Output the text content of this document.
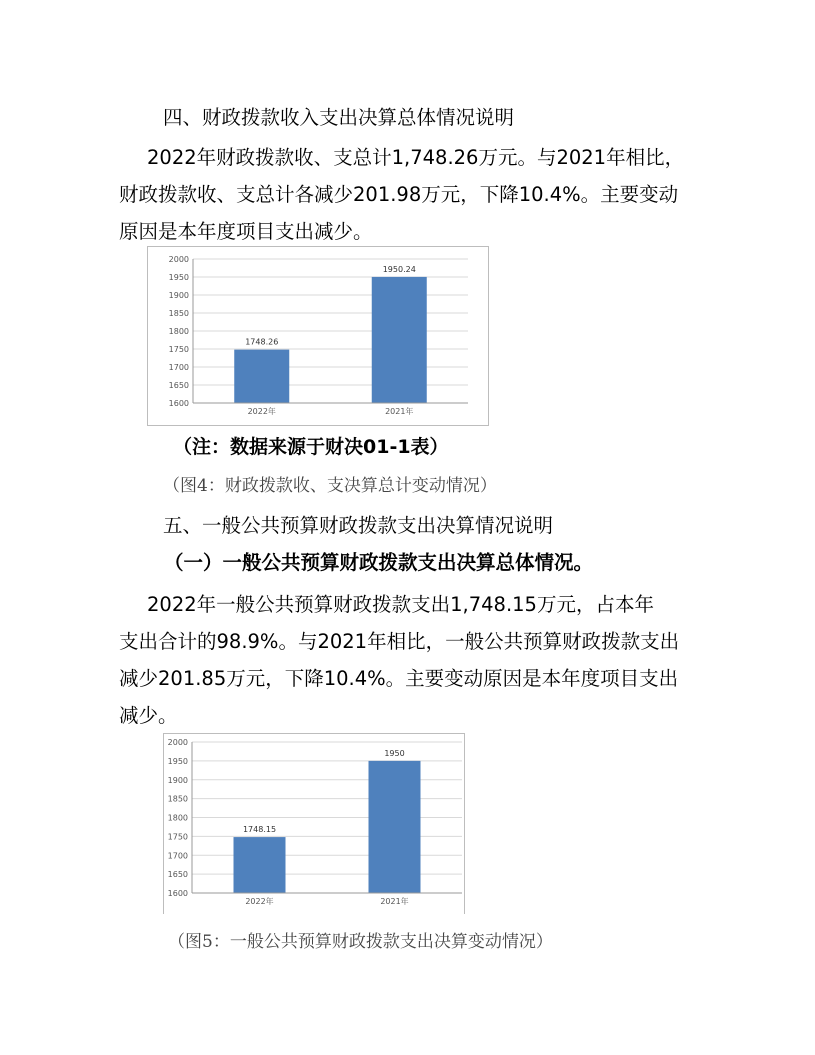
四、财政拨款收入支出决算总体情况说明
2022年财政拨款收、支总计1,748.26万元。与2021年相比，
财政拨款收、支总计各减少201.98万元，下降10.4%。主要变动
原因是本年度项目支出减少。
1600
1650
1700
1750
1800
1850
1900
1950
2000
1748.26
2022年
1950.24
2021年
（注：数据来源于财决01-1表）
（图4：财政拨款收、支决算总计变动情况）
五、一般公共预算财政拨款支出决算情况说明
（一）一般公共预算财政拨款支出决算总体情况。
2022年一般公共预算财政拨款支出1,748.15万元，占本年
支出合计的98.9%。与2021年相比，一般公共预算财政拨款支出
减少201.85万元，下降10.4%。主要变动原因是本年度项目支出
减少。
1600
1650
1700
1750
1800
1850
1900
1950
2000
1748.15
2022年
1950
2021年
（图5：一般公共预算财政拨款支出决算变动情况）
